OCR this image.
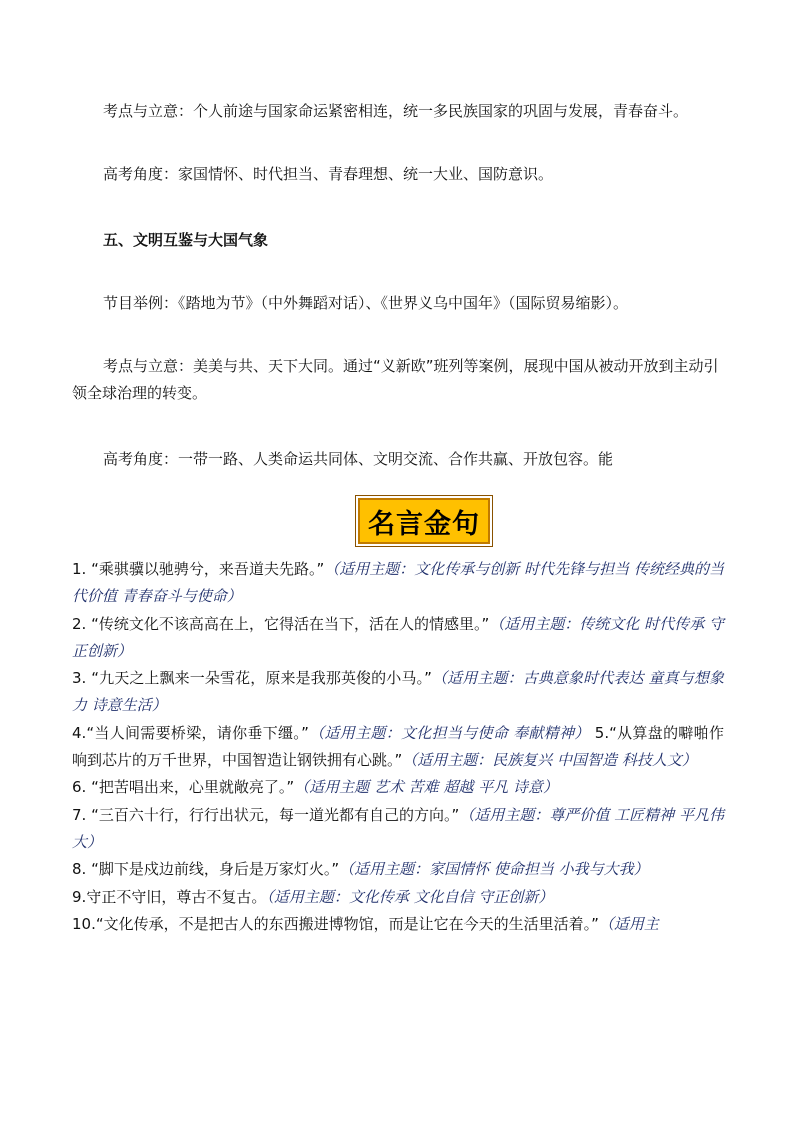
考点与立意：个人前途与国家命运紧密相连，统一多民族国家的巩固与发展，青春奋斗。
高考角度：家国情怀、时代担当、青春理想、统一大业、国防意识。
五、文明互鉴与大国气象
节目举例：《踏地为节》（中外舞蹈对话）、《世界义乌中国年》（国际贸易缩影）。
考点与立意：美美与共、天下大同。通过“义新欧”班列等案例，展现中国从被动开放到主动引领全球治理的转变。
高考角度：一带一路、人类命运共同体、文明交流、合作共赢、开放包容。能
名言金句

1. “乘骐骥以驰骋兮，来吾道夫先路。”（适用主题：文化传承与创新 时代先锋与担当 传统经典的当代价值 青春奋斗与使命）

2. “传统文化不该高高在上，它得活在当下，活在人的情感里。”（适用主题：传统文化 时代传承 守正创新）

3. “九天之上飘来一朵雪花，原来是我那英俊的小马。”（适用主题：古典意象时代表达 童真与想象力 诗意生活）

4.“当人间需要桥梁，请你垂下缰。”（适用主题：文化担当与使命 奉献精神） 5.“从算盘的噼啪作响到芯片的万千世界，中国智造让钢铁拥有心跳。”（适用主题：民族复兴 中国智造 科技人文）

6. “把苦唱出来，心里就敞亮了。”（适用主题 艺术 苦难 超越 平凡 诗意）

7. “三百六十行，行行出状元，每一道光都有自己的方向。”（适用主题：尊严价值 工匠精神 平凡伟大）

8. “脚下是戍边前线，身后是万家灯火。”（适用主题：家国情怀 使命担当 小我与大我）

9.守正不守旧，尊古不复古。（适用主题：文化传承 文化自信 守正创新）

10.“文化传承，不是把古人的东西搬进博物馆，而是让它在今天的生活里活着。”（适用主
